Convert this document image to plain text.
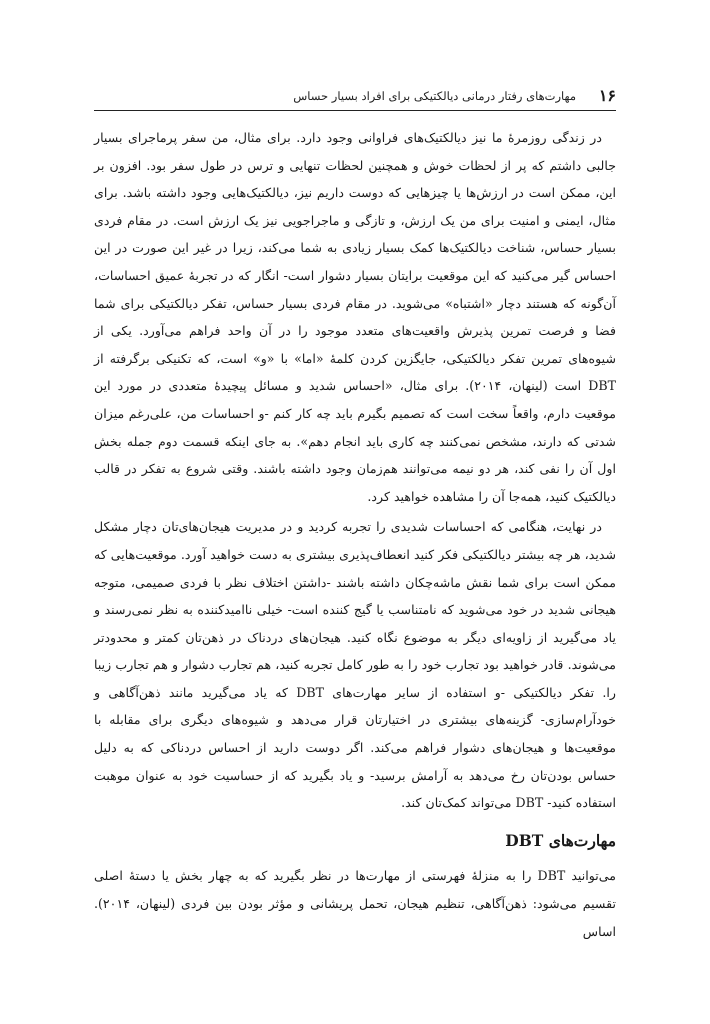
۱۶
مهارت‌های رفتار درمانی دیالکتیکی برای افراد بسیار حساس

در زندگی روزمرهٔ ما نیز دیالکتیک‌های فراوانی وجود دارد. برای مثال، من سفر پرماجرای بسیار جالبی داشتم که پر از لحظات خوش و همچنین لحظات تنهایی و ترس در طول سفر بود. افزون بر این، ممکن است در ارزش‌ها یا چیزهایی که دوست داریم نیز، دیالکتیک‌هایی وجود داشته باشد. برای مثال، ایمنی و امنیت برای من یک ارزش، و تازگی و ماجراجویی نیز یک ارزش است. در مقام فردی بسیار حساس، شناخت دیالکتیک‌ها کمک بسیار زیادی به شما می‌کند، زیرا در غیر این صورت در این احساس گیر می‌کنید که این موقعیت برایتان بسیار دشوار است- انگار که در تجربهٔ عمیق احساسات، آن‌گونه که هستند دچار «اشتباه» می‌شوید. در مقام فردی بسیار حساس، تفکر دیالکتیکی برای شما فضا و فرصت تمرین پذیرش واقعیت‌های متعدد موجود را در آن واحد فراهم می‌آورد. یکی از شیوه‌های تمرین تفکر دیالکتیکی، جایگزین کردن کلمهٔ «اما» با «و» است، که تکنیکی برگرفته از DBT است (لینهان، ۲۰۱۴). برای مثال، «احساس شدید و مسائل پیچیدهٔ متعددی در مورد این موقعیت دارم، واقعاً سخت است که تصمیم بگیرم باید چه کار کنم -و احساسات من، علی‌رغم میزان شدتی که دارند، مشخص نمی‌کنند چه کاری باید انجام دهم». به جای اینکه قسمت دوم جمله بخش اول آن را نفی کند، هر دو نیمه می‌توانند هم‌زمان وجود داشته باشند. وقتی شروع به تفکر در قالب دیالکتیک کنید، همه‌جا آن را مشاهده خواهید کرد.

در نهایت، هنگامی که احساسات شدیدی را تجربه کردید و در مدیریت هیجان‌های‌تان دچار مشکل شدید، هر چه بیشتر دیالکتیکی فکر کنید انعطاف‌پذیری بیشتری به دست خواهید آورد. موقعیت‌هایی که ممکن است برای شما نقش ماشه‌چکان داشته باشند -داشتن اختلاف نظر با فردی صمیمی، متوجه هیجانی شدید در خود می‌شوید که نامتناسب یا گیج کننده است- خیلی ناامیدکننده به نظر نمی‌رسند و یاد می‌گیرید از زاویه‌ای دیگر به موضوع نگاه کنید. هیجان‌های دردناک در ذهن‌تان کمتر و محدودتر می‌شوند. قادر خواهید بود تجارب خود را به طور کامل تجربه کنید، هم تجارب دشوار و هم تجارب زیبا را. تفکر دیالکتیکی -و استفاده از سایر مهارت‌های DBT که یاد می‌گیرید مانند ذهن‌آگاهی و خودآرام‌سازی- گزینه‌های بیشتری در اختیارتان قرار می‌دهد و شیوه‌های دیگری برای مقابله با موقعیت‌ها و هیجان‌های دشوار فراهم می‌کند. اگر دوست دارید از احساس دردناکی که به دلیل حساس بودن‌تان رخ می‌دهد به آرامش برسید- و یاد بگیرید که از حساسیت خود به عنوان موهبت استفاده کنید- DBT می‌تواند کمک‌تان کند.

مهارت‌های DBT

می‌توانید DBT را به منزلهٔ فهرستی از مهارت‌ها در نظر بگیرید که به چهار بخش یا دستهٔ اصلی تقسیم می‌شود: ذهن‌آگاهی، تنظیم هیجان، تحمل پریشانی و مؤثر بودن بین فردی (لینهان، ۲۰۱۴). اساس
